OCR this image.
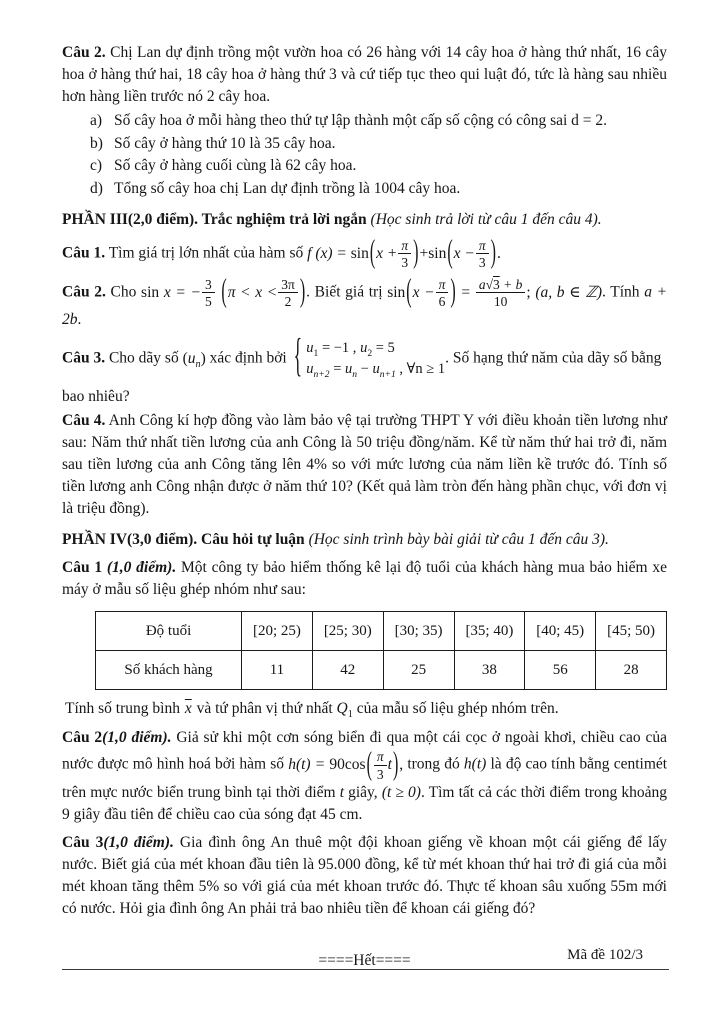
Câu 2. Chị Lan dự định trồng một vườn hoa có 26 hàng với 14 cây hoa ở hàng thứ nhất, 16 cây hoa ở hàng thứ hai, 18 cây hoa ở hàng thứ 3 và cứ tiếp tục theo qui luật đó, tức là hàng sau nhiều hơn hàng liền trước nó 2 cây hoa.

a) Số cây hoa ở mỗi hàng theo thứ tự lập thành một cấp số cộng có công sai d = 2.
b) Số cây ở hàng thứ 10 là 35 cây hoa.
c) Số cây ở hàng cuối cùng là 62 cây hoa.
d) Tổng số cây hoa chị Lan dự định trồng là 1004 cây hoa.

PHẦN III(2,0 điểm). Trắc nghiệm trả lời ngắn (Học sinh trả lời từ câu 1 đến câu 4).

Câu 1. Tìm giá trị lớn nhất của hàm số f $(x) = \sin(x + \frac{\pi}{3} )+\sin(x - \frac{\pi}{3}$ ).

Câu 2. Cho sin x = − $\frac{3}{5} (\pi < x < \frac{3\pi}{2}$ ). Biết giá trị $\sin(x - \frac{\pi}{6}$ ) = $\frac{a√3 + b}{10}$ ; (a, b ∈ ℤ). Tính a + 2b.

Câu 3. Cho dãy số $(u_n)$ xác định bởi { $u_1 = -1$ , $u_2 = 5$
$u_{n+2} = u_n - u_{n+1}$ , ∀n ≥ 1
. Số hạng thứ năm của dãy số bằng

bao nhiêu?

Câu 4. Anh Công kí hợp đồng vào làm bảo vệ tại trường THPT Y với điều khoản tiền lương như sau: Năm thứ nhất tiền lương của anh Công là 50 triệu đồng/năm. Kể từ năm thứ hai trở đi, năm sau tiền lương của anh Công tăng lên 4% so với mức lương của năm liền kề trước đó. Tính số tiền lương anh Công nhận được ở năm thứ 10? (Kết quả làm tròn đến hàng phần chục, với đơn vị là triệu đồng).

PHẦN IV(3,0 điểm). Câu hỏi tự luận (Học sinh trình bày bài giải từ câu 1 đến câu 3).

Câu 1 (1,0 điểm). Một công ty bảo hiểm thống kê lại độ tuổi của khách hàng mua bảo hiểm xe máy ở mẫu số liệu ghép nhóm như sau:

Độ tuổi	[20; 25)	[25; 30)	[30; 35)	[35; 40)	[40; 45)	[45; 50)
Số khách hàng	11	42	25	38	56	28

Tính số trung bình $\overline{x}$ và tứ phân vị thứ nhất $Q_1$ của mẫu số liệu ghép nhóm trên.

Câu 2(1,0 điểm). Giả sử khi một cơn sóng biển đi qua một cái cọc ở ngoài khơi, chiều cao của nước được mô hình hoá bởi hàm số $h(t) = 90\cos( \frac{\pi}{3} t)$, trong đó h(t) là độ cao tính bằng centimét trên mực nước biển trung bình tại thời điểm t giây, (t ≥ 0). Tìm tất cả các thời điểm trong khoảng 9 giây đầu tiên để chiều cao của sóng đạt 45 cm.

Câu 3(1,0 điểm). Gia đình ông An thuê một đội khoan giếng về khoan một cái giếng để lấy nước. Biết giá của mét khoan đầu tiên là 95.000 đồng, kể từ mét khoan thứ hai trở đi giá của mỗi mét khoan tăng thêm 5% so với giá của mét khoan trước đó. Thực tế khoan sâu xuống 55m mới có nước. Hỏi gia đình ông An phải trả bao nhiêu tiền để khoan cái giếng đó?

====Hết====	Mã đề 102/3
